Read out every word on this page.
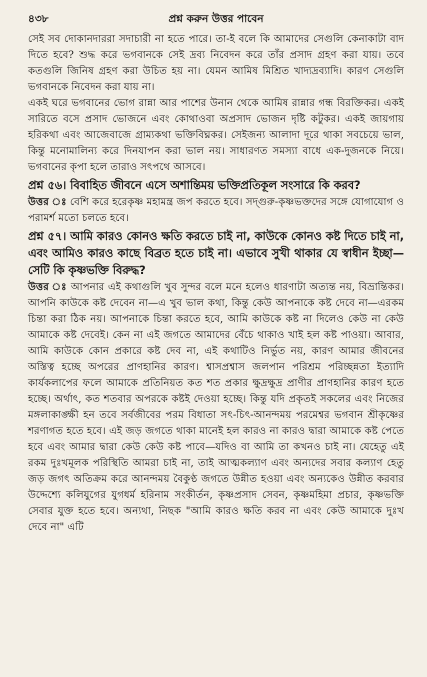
৪৩৮	প্রশ্ন করুন উত্তর পাবেন

সেই সব দোকানদাররা সদাচারী না হতে পারে। তা-ই বলে কি আমাদের সেগুলি কেনাকাটা বাদ দিতে হবে? শুদ্ধ করে ভগবানকে সেই দ্রব্য নিবেদন করে তাঁর প্রসাদ গ্রহণ করা যায়। তবে কতগুলি জিনিষ গ্রহণ করা উচিত হয় না। যেমন আমিষ মিশ্রিত খাদ্যদ্রব্যাদি। কারণ সেগুলি ভগবানকে নিবেদন করা যায় না।

একই ঘরে ভগবানের ভোগ রান্না আর পাশের উনান থেকে আমিষ রান্নার গন্ধ বিরক্তিকর। একই সারিতে বসে প্রসাদ ভোজনে এবং কোথাওবা অপ্রসাদ ভোজন দৃষ্টি কটুকর। একই জায়গায় হরিকথা এবং আজেবাজে গ্রাম্যকথা ভক্তিবিঘ্নকর। সেইজন্য আলাদা দূরে থাকা সবচেয়ে ভাল, কিন্তু মনোমালিন্য করে দিনযাপন করা ভাল নয়। সাধারণত সমস্যা বাধে এক-দুজনকে নিয়ে। ভগবানের কৃপা হলে তারাও সৎপথে আসবে।

প্রশ্ন ৫৬। বিবাহিত জীবনে এসে অশান্তিময় ভক্তিপ্রতিকূল সংসারে কি করব?

উত্তর ঃ বেশি করে হরেকৃষ্ণ মহামন্ত্র জপ করতে হবে। সদ্গুরু-কৃষ্ণভক্তদের সঙ্গে যোগাযোগ ও পরামর্শ মতো চলতে হবে।

প্রশ্ন ৫৭। আমি কারও কোনও ক্ষতি করতে চাই না, কাউকে কোনও কষ্ট দিতে চাই না, এবং আমিও কারও কাছে বিব্রত হতে চাই না। এভাবে সুখী থাকার যে স্বাধীন ইচ্ছা—সেটি কি কৃষ্ণভক্তি বিরুদ্ধ?

উত্তর ঃ আপনার এই কথাগুলি খুব সুন্দর বলে মনে হলেও ধারণাটা অত্যন্ত নয়, বিভ্রান্তিকর। আপনি কাউকে কষ্ট দেবেন না—এ খুব ভাল কথা, কিন্তু কেউ আপনাকে কষ্ট দেবে না—এরকম চিন্তা করা ঠিক নয়। আপনাকে চিন্তা করতে হবে, আমি কাউকে কষ্ট না দিলেও কেউ না কেউ আমাকে কষ্ট দেবেই। কেন না এই জগতে আমাদের বেঁচে থাকাও খাই হল কষ্ট পাওয়া। আবার, আমি কাউকে কোন প্রকারে কষ্ট দেব না, এই কথাটিও নির্ভুত নয়, কারণ আমার জীবনের অস্তিত্ব হচ্ছে অপরের প্রাণহানির কারণ। শ্বাসপ্রশ্বাস জলপান পরিশ্রম পরিচ্ছন্নতা ইত্যাদি কার্যকলাপের ফলে আমাকে প্রতিনিয়ত কত শত প্রকার ক্ষুদ্রক্ষুদ্র প্রাণীর প্রাণহানির কারণ হতে হচ্ছে। অর্থাৎ, কত শতবার অপরকে কষ্টই দেওয়া হচ্ছে। কিন্তু যদি প্রকৃতই সকলের এবং নিজের মঙ্গলাকাঙ্ক্ষী হন তবে সর্বজীবের পরম বিধাতা সৎ-চিৎ-আনন্দময় পরমেশ্বর ভগবান শ্রীকৃষ্ণের শরণাগত হতে হবে। এই জড় জগতে থাকা মানেই হল কারও না কারও দ্বারা আমাকে কষ্ট পেতে হবে এবং আমার দ্বারা কেউ কেউ কষ্ট পাবে—যদিও বা আমি তা কখনও চাই না। যেহেতু এই রকম দুঃখমূলক পরিস্থিতি আমরা চাই না, তাই আত্মকল্যাণ এবং অন্যদের সবার কল্যাণ হেতু জড় জগৎ অতিক্রম করে আনন্দময় বৈকুণ্ঠ জগতে উন্নীত হওয়া এবং অন্যকেও উন্নীত করবার উদ্দেশ্যে কলিযুগের যুগধর্ম হরিনাম সংকীর্তন, কৃষ্ণপ্রসাদ সেবন, কৃষ্ণমহিমা প্রচার, কৃষ্ণভক্তি সেবার যুক্ত হতে হবে। অন্যথা, নিছক "আমি কারও ক্ষতি করব না এবং কেউ আমাকে দুঃখ দেবে না" এটি
